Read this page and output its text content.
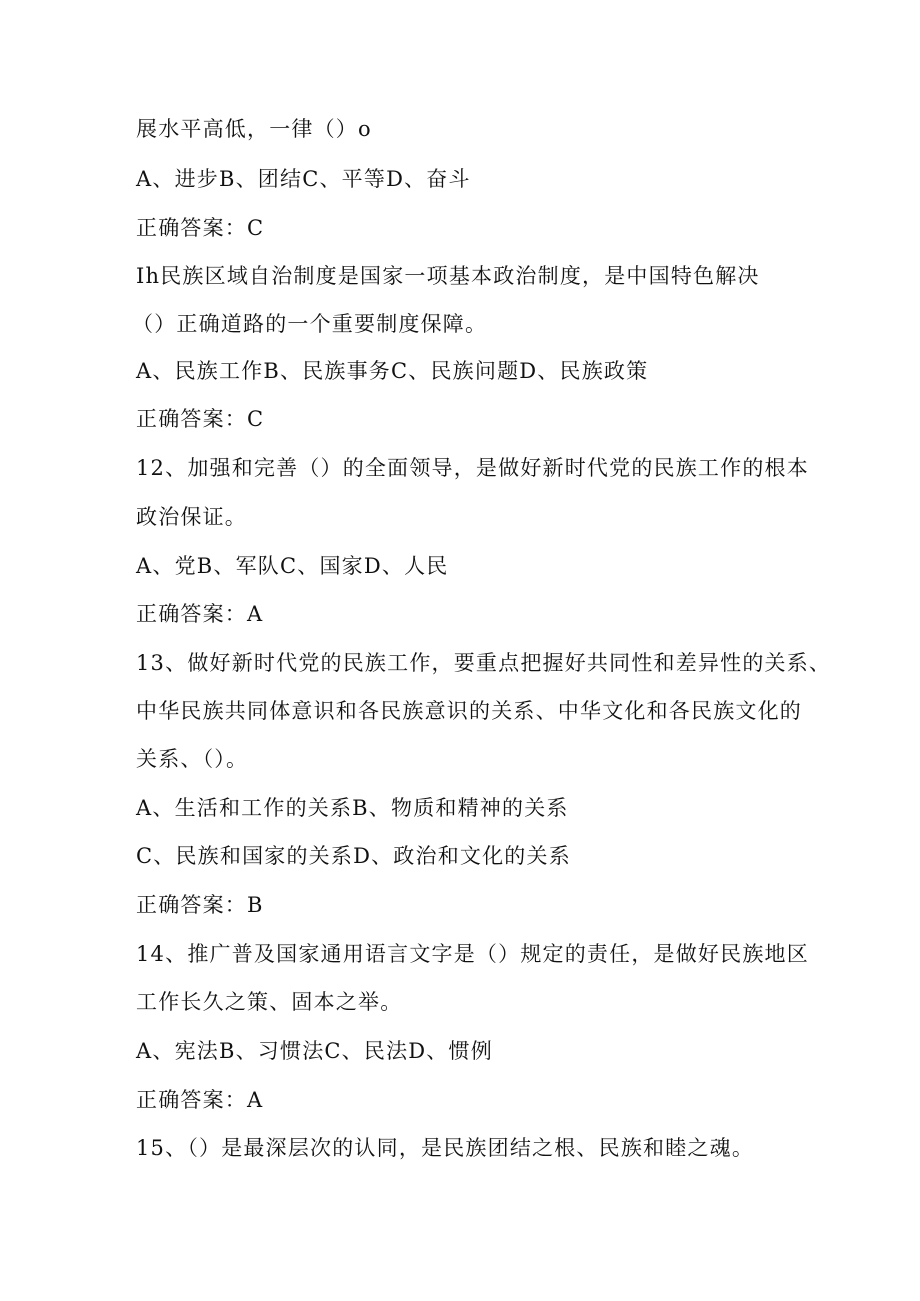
展水平高低，一律（）o
A、进步B、团结C、平等D、奋斗
正确答案：C
Ih民族区域自治制度是国家一项基本政治制度，是中国特色解决
（）正确道路的一个重要制度保障。
A、民族工作B、民族事务C、民族问题D、民族政策
正确答案：C
12、加强和完善（）的全面领导，是做好新时代党的民族工作的根本
政治保证。
A、党B、军队C、国家D、人民
正确答案：A
13、做好新时代党的民族工作，要重点把握好共同性和差异性的关系、
中华民族共同体意识和各民族意识的关系、中华文化和各民族文化的
关系、（）。
A、生活和工作的关系B、物质和精神的关系
C、民族和国家的关系D、政治和文化的关系
正确答案：B
14、推广普及国家通用语言文字是（）规定的责任，是做好民族地区
工作长久之策、固本之举。
A、宪法B、习惯法C、民法D、惯例
正确答案：A
15、（）是最深层次的认同，是民族团结之根、民族和睦之魂。
